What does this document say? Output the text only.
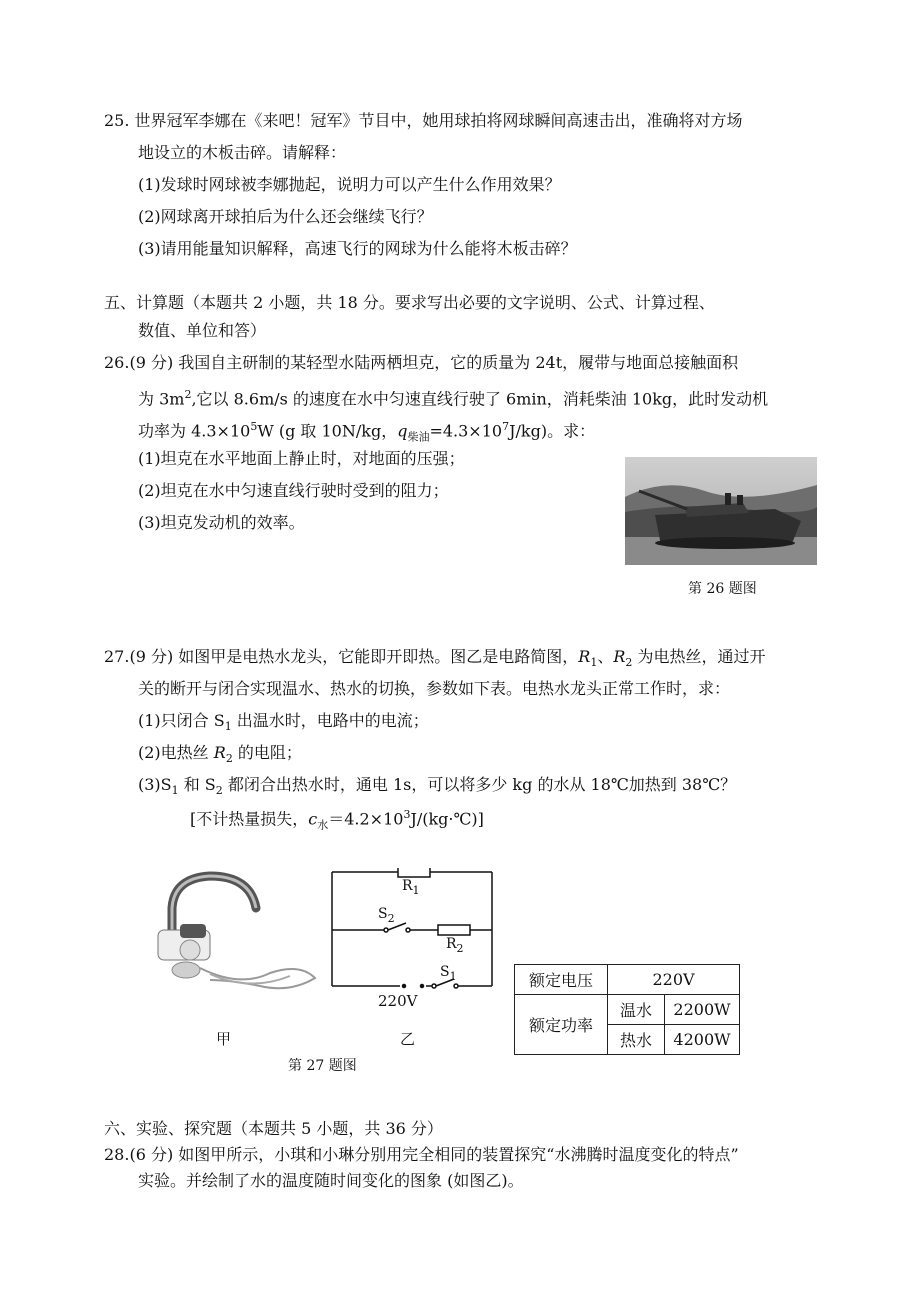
25. 世界冠军李娜在《来吧！冠军》节目中，她用球拍将网球瞬间高速击出，准确将对方场
地设立的木板击碎。请解释：
(1)发球时网球被李娜抛起，说明力可以产生什么作用效果？
(2)网球离开球拍后为什么还会继续飞行？
(3)请用能量知识解释，高速飞行的网球为什么能将木板击碎？
五、计算题（本题共 2 小题，共 18 分。要求写出必要的文字说明、公式、计算过程、
数值、单位和答）
26.(9 分) 我国自主研制的某轻型水陆两栖坦克，它的质量为 24t，履带与地面总接触面积
为 $3m^2$,它以 8.6m/s 的速度在水中匀速直线行驶了 6min，消耗柴油 10kg，此时发动机
功率为 $4.3\times 10^5W$ (g 取 10N/kg，$q_{柴油}=4.3\times 10^7J/kg$)。求：
(1)坦克在水平地面上静止时，对地面的压强；
(2)坦克在水中匀速直线行驶时受到的阻力；
(3)坦克发动机的效率。
第 26 题图
27.(9 分) 如图甲是电热水龙头，它能即开即热。图乙是电路简图，$R_1$、$R_2$ 为电热丝，通过开
关的断开与闭合实现温水、热水的切换，参数如下表。电热水龙头正常工作时，求：
(1)只闭合 $S_1$ 出温水时，电路中的电流；
(2)电热丝 $R_2$ 的电阻；
$(3)S_1$ 和 $S_2$ 都闭合出热水时，通电 1s，可以将多少 kg 的水从 18℃加热到 38℃？
[不计热量损失，$c_水=4.2\times 10^3J/(kg\cdot℃)$]
$R_1$
$S_2$
$R_2$
$S_1$
220V
甲	乙
第 27 题图
额定电压	220V	
额定功率	温水	2200W
	热水	4200W
六、实验、探究题（本题共 5 小题，共 36 分）
28.(6 分) 如图甲所示，小琪和小琳分别用完全相同的装置探究“水沸腾时温度变化的特点”
实验。并绘制了水的温度随时间变化的图象 (如图乙)。
